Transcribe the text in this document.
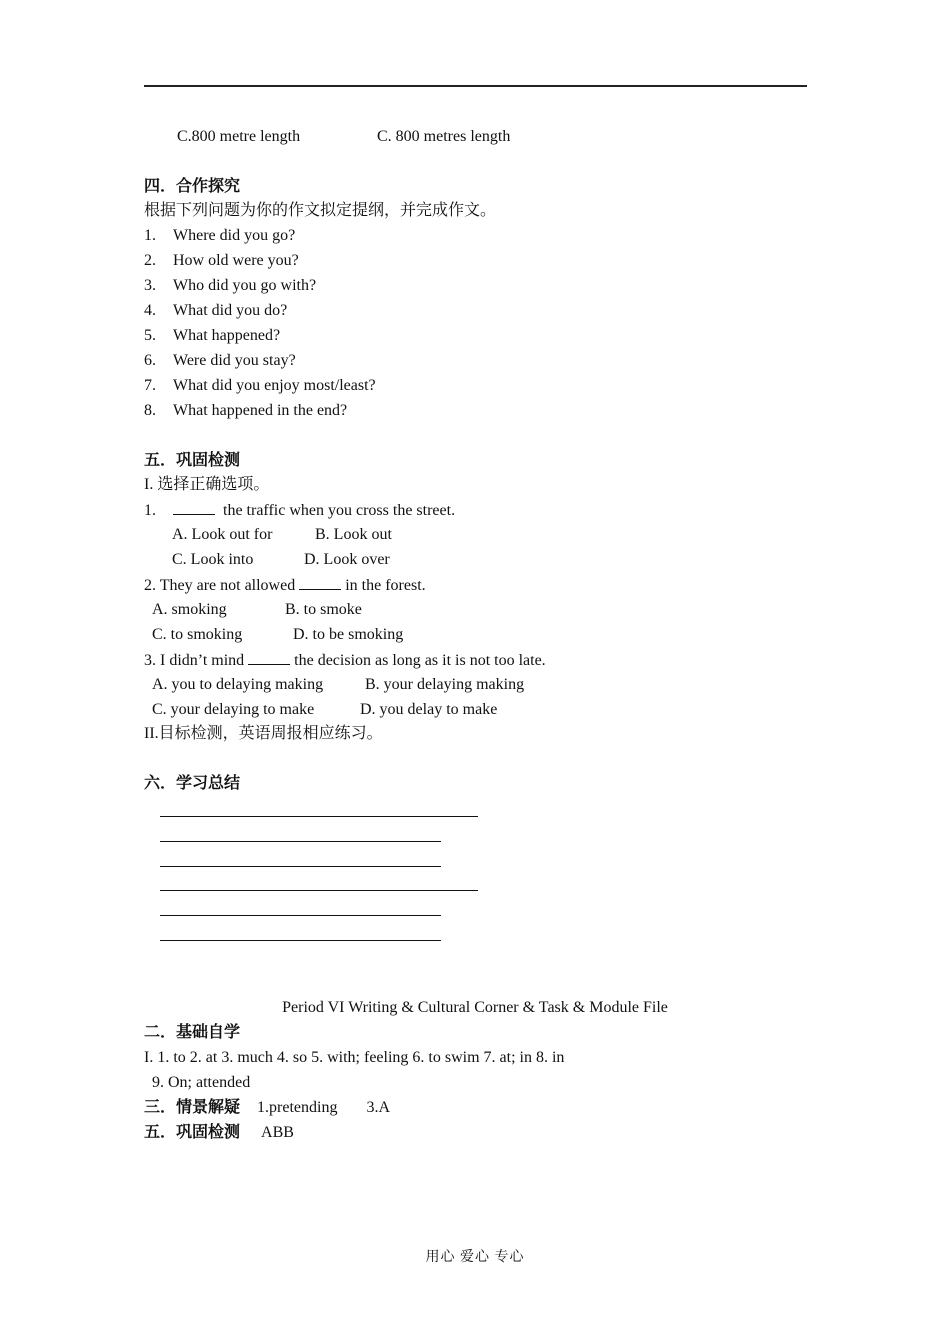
C.800 metre length	C. 800 metres length
四．合作探究
根据下列问题为你的作文拟定提纲，并完成作文。
1. Where did you go?
2. How old were you?
3. Who did you go with?
4. What did you do?
5. What happened?
6. Were did you stay?
7. What did you enjoy most/least?
8. What happened in the end?
五．巩固检测
I. 选择正确选项。
1.	the traffic when you cross the street.
A. Look out for	B. Look out
C. Look into	D. Look over
2. They are not allowed	in the forest.
A. smoking	B. to smoke
C. to smoking	D. to be smoking
3. I didn’t mind	the decision as long as it is not too late.
A. you to delaying making	B. your delaying making
C. your delaying to make	D. you delay to make
II.目标检测，英语周报相应练习。
六．学习总结
Period VI Writing & Cultural Corner & Task & Module File
二．基础自学
I. 1. to 2. at 3. much 4. so 5. with; feeling 6. to swim 7. at; in 8. in
9. On; attended
三．情景解疑 1.pretending 3.A
五．巩固检测 ABB
用心 爱心 专心
